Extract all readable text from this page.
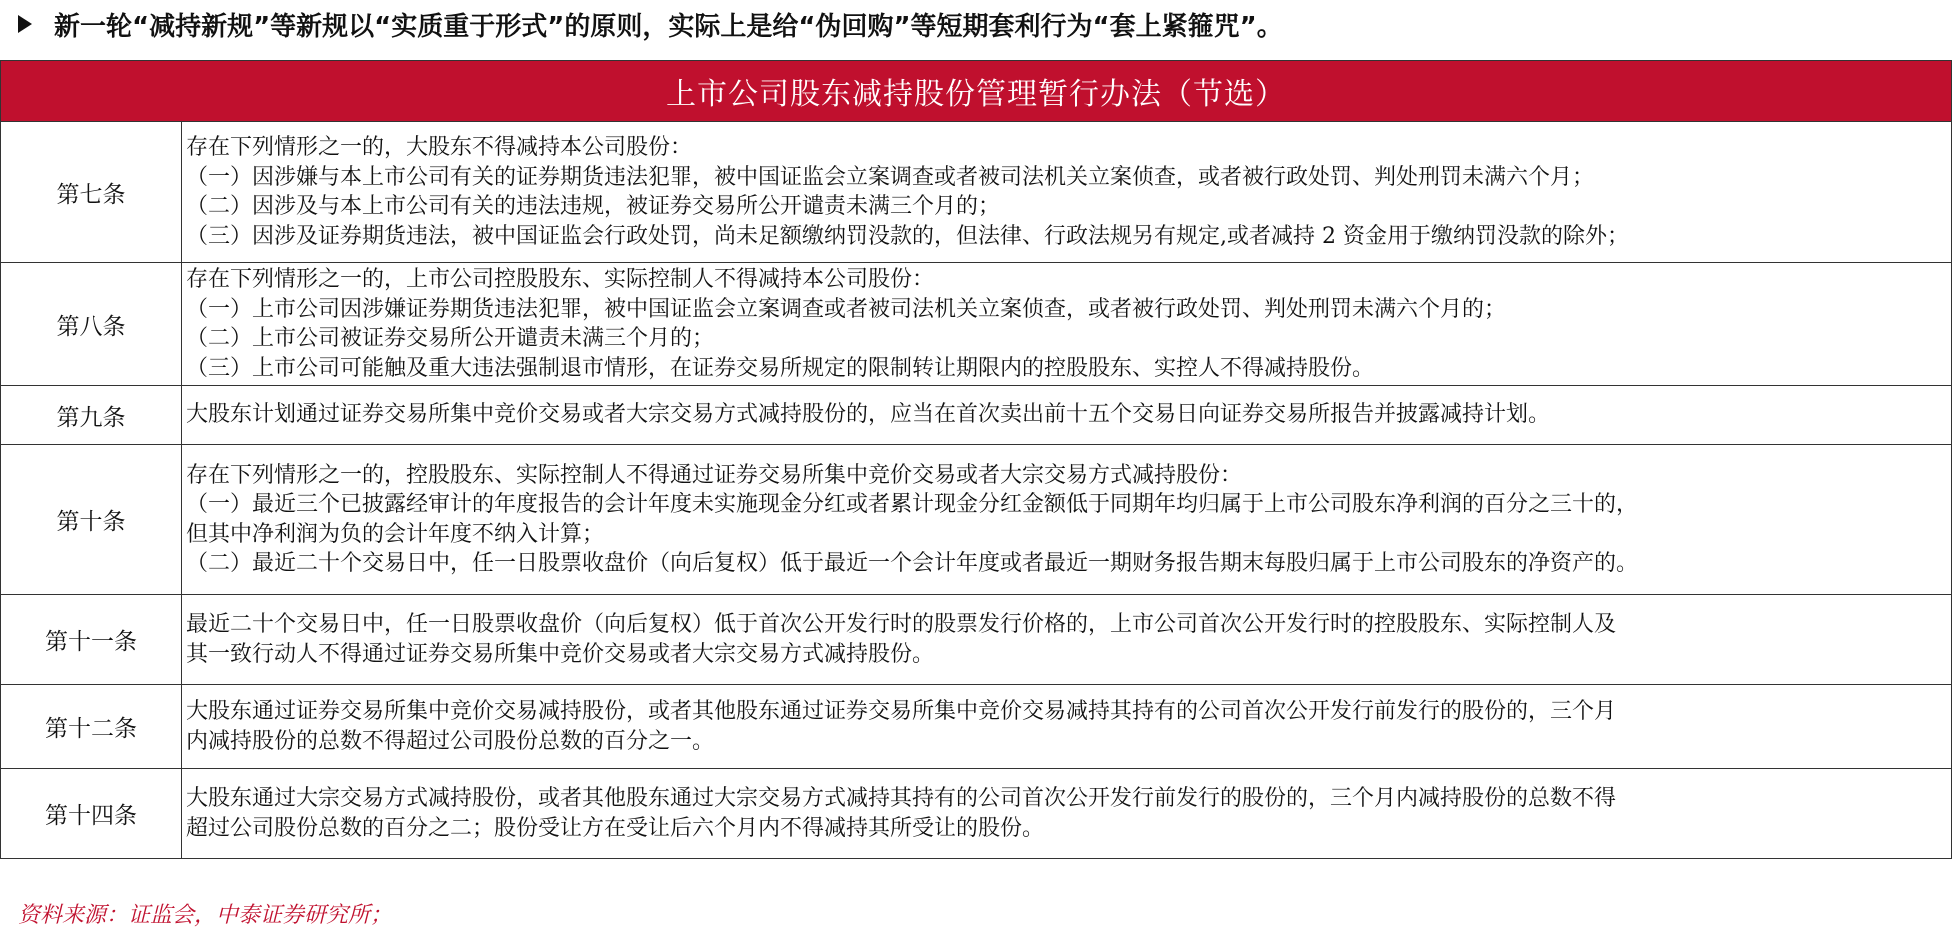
新一轮“减持新规”等新规以“实质重于形式”的原则，实际上是给“伪回购”等短期套利行为“套上紧箍咒”。
上市公司股东减持股份管理暂行办法（节选）	
第七条	存在下列情形之一的，大股东不得减持本公司股份：
（一）因涉嫌与本上市公司有关的证券期货违法犯罪，被中国证监会立案调查或者被司法机关立案侦查，或者被行政处罚、判处刑罚未满六个月；
（二）因涉及与本上市公司有关的违法违规，被证券交易所公开谴责未满三个月的；
（三）因涉及证券期货违法，被中国证监会行政处罚，尚未足额缴纳罚没款的，但法律、行政法规另有规定,或者减持 2 资金用于缴纳罚没款的除外；

第八条	存在下列情形之一的，上市公司控股股东、实际控制人不得减持本公司股份：
（一）上市公司因涉嫌证券期货违法犯罪，被中国证监会立案调查或者被司法机关立案侦查，或者被行政处罚、判处刑罚未满六个月的；
（二）上市公司被证券交易所公开谴责未满三个月的；
（三）上市公司可能触及重大违法强制退市情形，在证券交易所规定的限制转让期限内的控股股东、实控人不得减持股份。

第九条	大股东计划通过证券交易所集中竞价交易或者大宗交易方式减持股份的，应当在首次卖出前十五个交易日向证券交易所报告并披露减持计划。

第十条	存在下列情形之一的，控股股东、实际控制人不得通过证券交易所集中竞价交易或者大宗交易方式减持股份：
（一）最近三个已披露经审计的年度报告的会计年度未实施现金分红或者累计现金分红金额低于同期年均归属于上市公司股东净利润的百分之三十的，
但其中净利润为负的会计年度不纳入计算；
（二）最近二十个交易日中，任一日股票收盘价（向后复权）低于最近一个会计年度或者最近一期财务报告期末每股归属于上市公司股东的净资产的。

第十一条	最近二十个交易日中，任一日股票收盘价（向后复权）低于首次公开发行时的股票发行价格的，上市公司首次公开发行时的控股股东、实际控制人及
其一致行动人不得通过证券交易所集中竞价交易或者大宗交易方式减持股份。

第十二条	大股东通过证券交易所集中竞价交易减持股份，或者其他股东通过证券交易所集中竞价交易减持其持有的公司首次公开发行前发行的股份的，三个月
内减持股份的总数不得超过公司股份总数的百分之一。

第十四条	大股东通过大宗交易方式减持股份，或者其他股东通过大宗交易方式减持其持有的公司首次公开发行前发行的股份的，三个月内减持股份的总数不得
超过公司股份总数的百分之二；股份受让方在受让后六个月内不得减持其所受让的股份。
资料来源：证监会，中泰证券研究所；
